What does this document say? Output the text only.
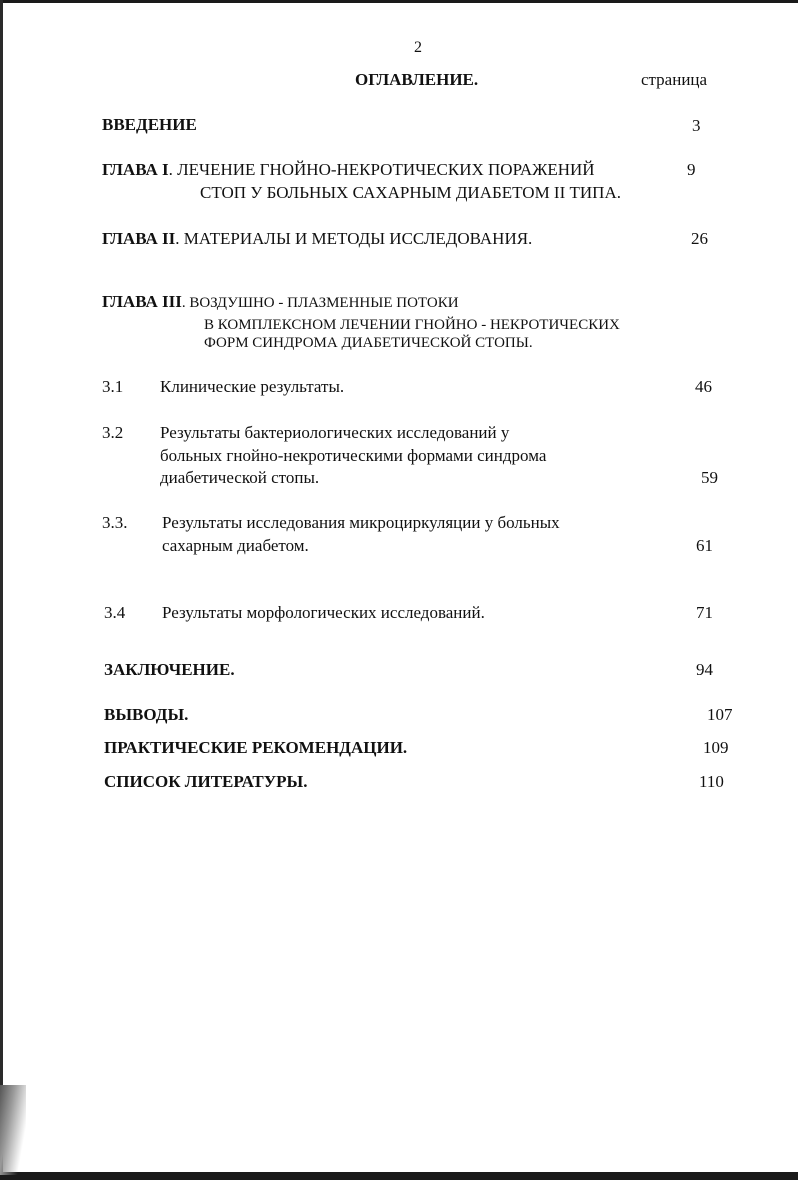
2
ОГЛАВЛЕНИЕ.	страница
ВВЕДЕНИЕ	3
ГЛАВА I. ЛЕЧЕНИЕ ГНОЙНО-НЕКРОТИЧЕСКИХ ПОРАЖЕНИЙ	9
СТОП У БОЛЬНЫХ САХАРНЫМ ДИАБЕТОМ II ТИПА.
ГЛАВА II. МАТЕРИАЛЫ И МЕТОДЫ ИССЛЕДОВАНИЯ.	26
ГЛАВА III. ВОЗДУШНО - ПЛАЗМЕННЫЕ ПОТОКИ
В КОМПЛЕКСНОМ ЛЕЧЕНИИ ГНОЙНО - НЕКРОТИЧЕСКИХ
ФОРМ СИНДРОМА ДИАБЕТИЧЕСКОЙ СТОПЫ.
3.1 Клинические результаты.	46
3.2 Результаты бактериологических исследований у
больных гнойно-некротическими формами синдрома
диабетической стопы.	59
3.3. Результаты исследования микроциркуляции у больных
сахарным диабетом.	61
3.4 Результаты морфологических исследований.	71
ЗАКЛЮЧЕНИЕ.	94
ВЫВОДЫ.	107
ПРАКТИЧЕСКИЕ РЕКОМЕНДАЦИИ.	109
СПИСОК ЛИТЕРАТУРЫ.	110
